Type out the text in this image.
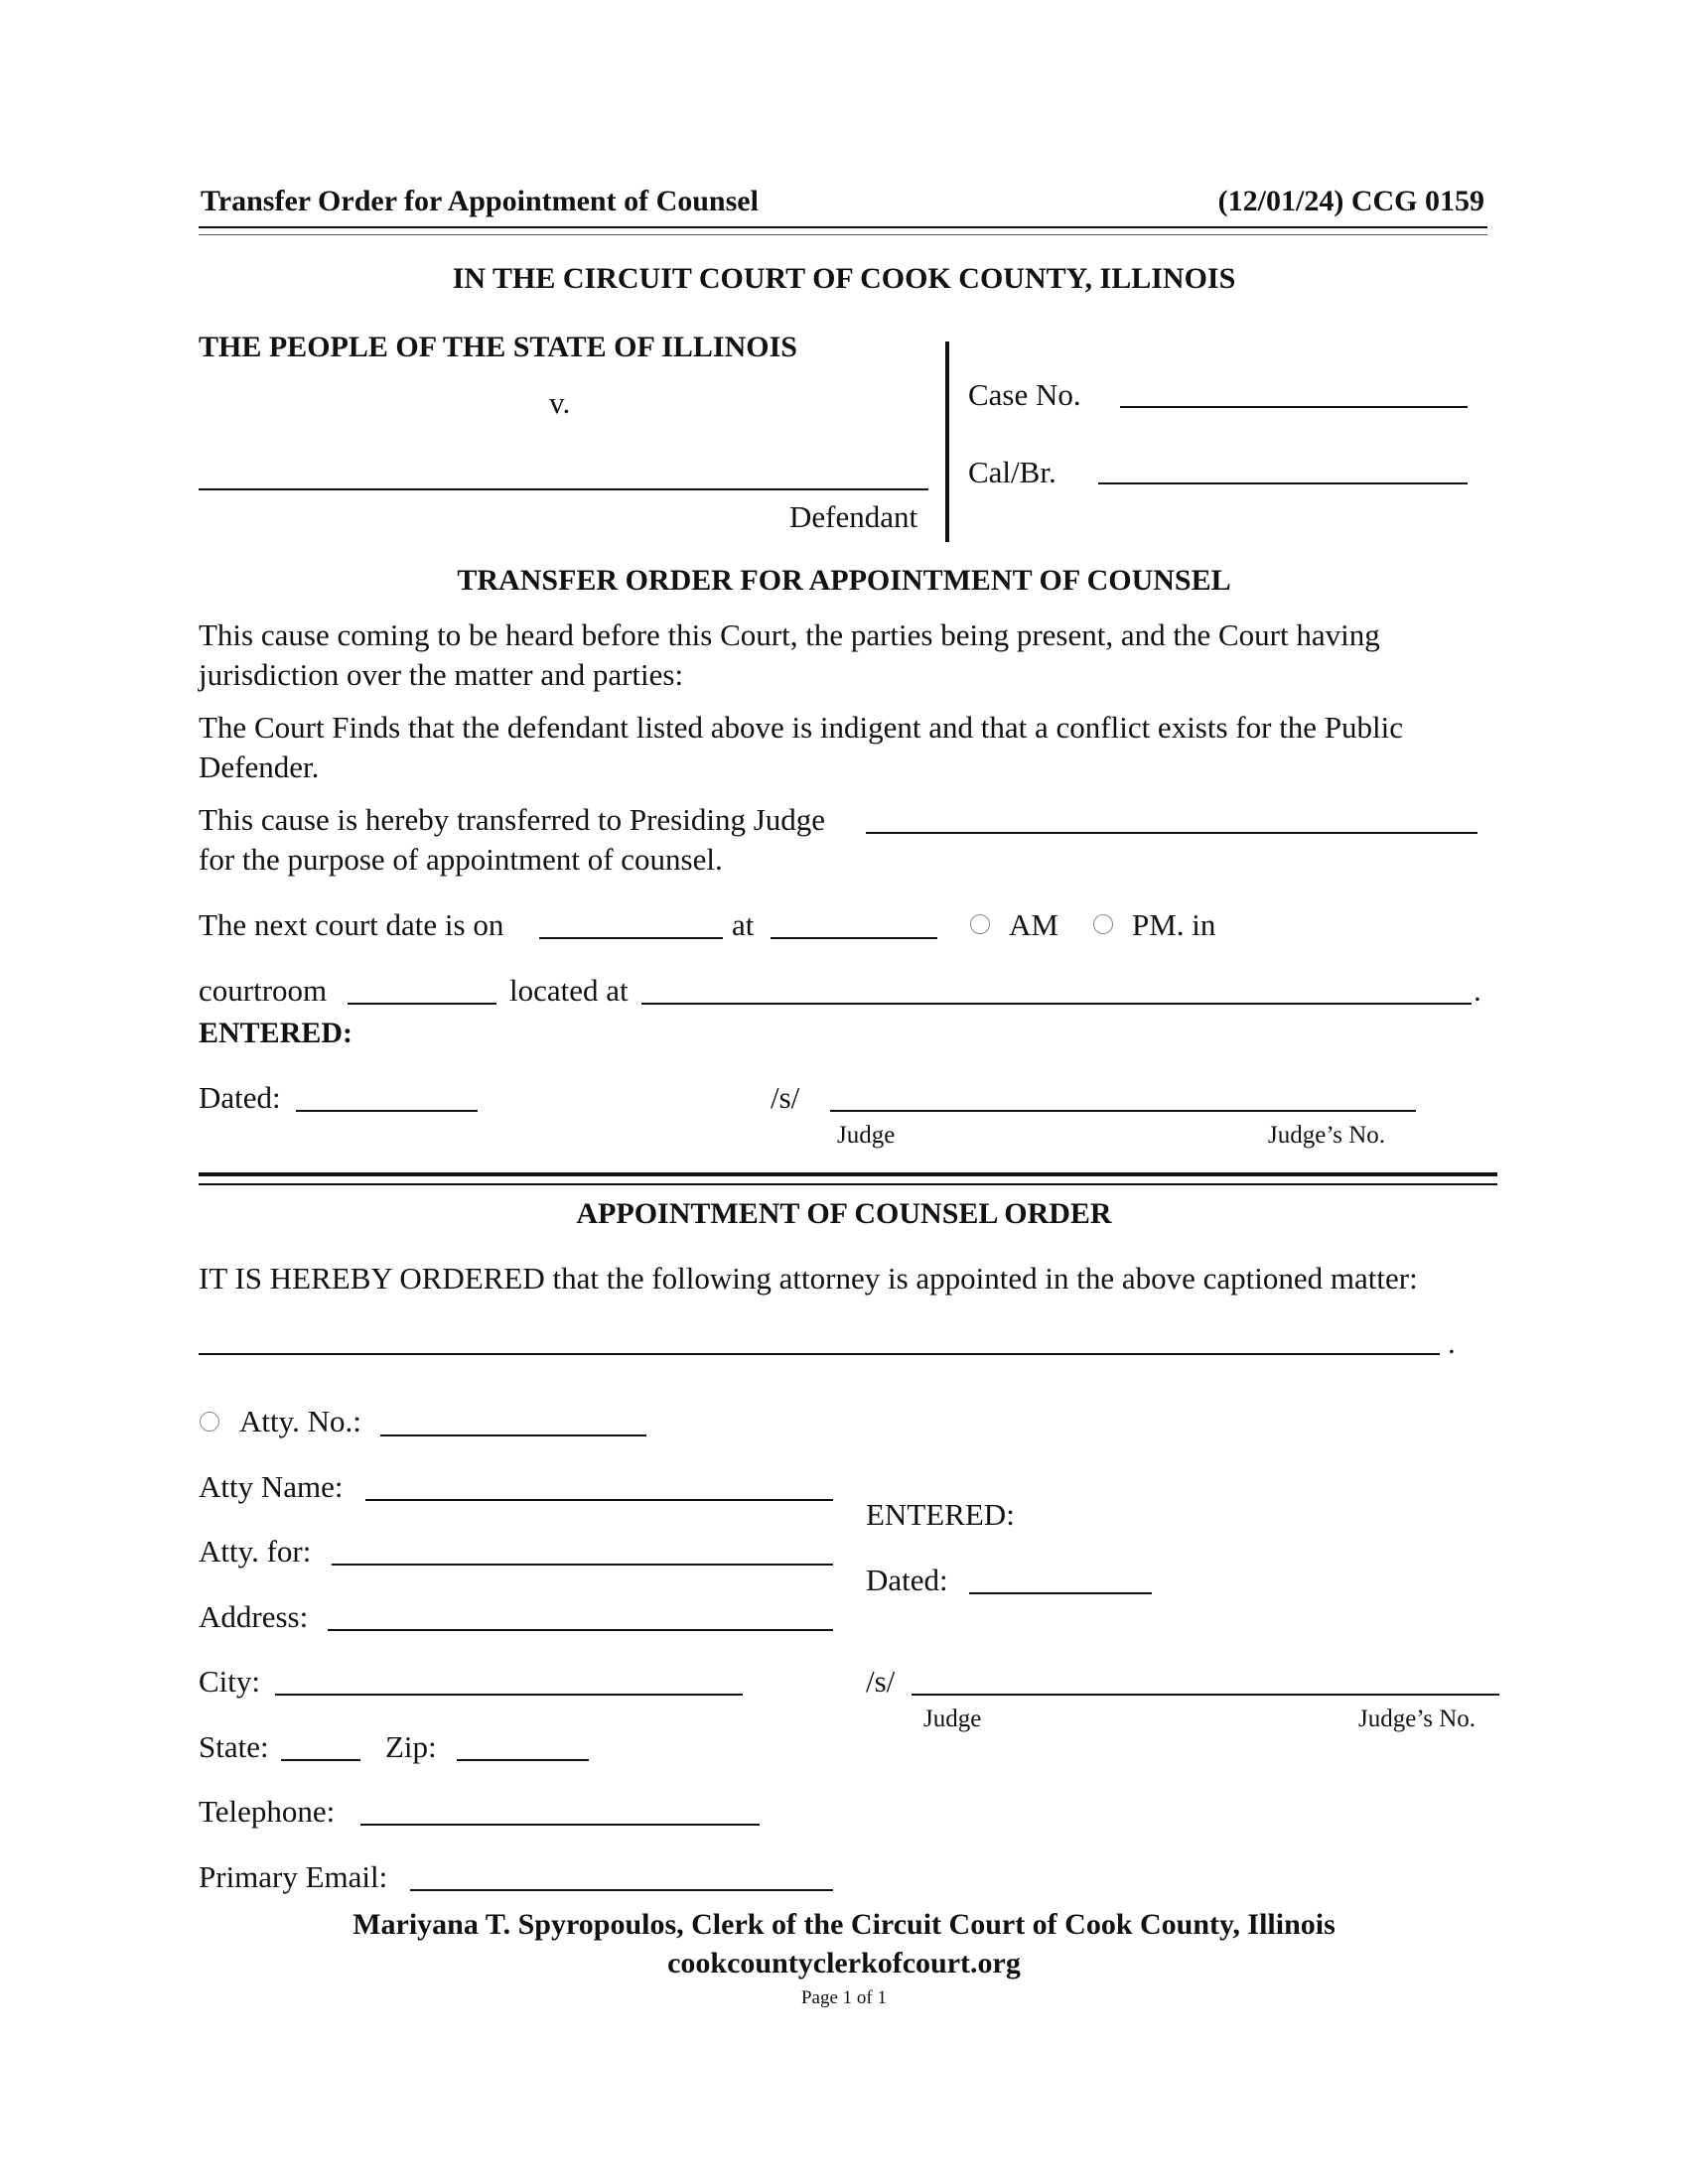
Transfer Order for Appointment of Counsel	(12/01/24) CCG 0159
IN THE CIRCUIT COURT OF COOK COUNTY, ILLINOIS
THE PEOPLE OF THE STATE OF ILLINOIS
v.
Defendant
Case No.
Cal/Br.
TRANSFER ORDER FOR APPOINTMENT OF COUNSEL
This cause coming to be heard before this Court, the parties being present, and the Court having
jurisdiction over the matter and parties:
The Court Finds that the defendant listed above is indigent and that a conflict exists for the Public
Defender.
This cause is hereby transferred to Presiding Judge
for the purpose of appointment of counsel.
The next court date is on	at	AM PM. in
courtroom	located at	.
ENTERED:
Dated:	/s/
Judge	Judge’s No.
APPOINTMENT OF COUNSEL ORDER
IT IS HEREBY ORDERED that the following attorney is appointed in the above captioned matter:
.
Atty. No.:
Atty Name:
Atty. for:
Address:
City:
State:	Zip:
Telephone:
Primary Email:
ENTERED:
Dated:
/s/
Judge	Judge’s No.
Mariyana T. Spyropoulos, Clerk of the Circuit Court of Cook County, Illinois
cookcountyclerkofcourt.org
Page 1 of 1
